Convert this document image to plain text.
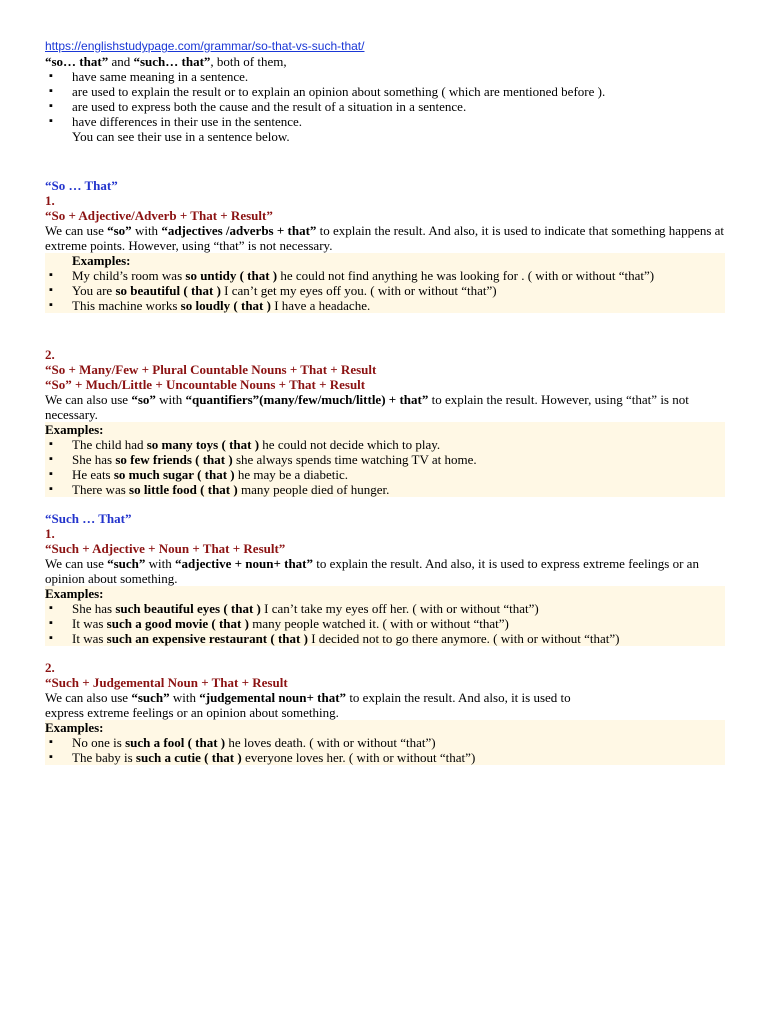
https://englishstudypage.com/grammar/so-that-vs-such-that/
“so… that” and “such… that”, both of them,
▪ have same meaning in a sentence.
▪ are used to explain the result or to explain an opinion about something ( which are mentioned before ).
▪ are used to express both the cause and the result of a situation in a sentence.
▪ have differences in their use in the sentence.
You can see their use in a sentence below.
“So … That”
1.
“So + Adjective/Adverb + That + Result”
We can use “so” with “adjectives /adverbs + that” to explain the result. And also, it is used to indicate that something happens at extreme points. However, using “that” is not necessary.
Examples:
▪ My child’s room was so untidy ( that ) he could not find anything he was looking for . ( with or without “that”)
▪ You are so beautiful ( that ) I can’t get my eyes off you. ( with or without “that”)
▪ This machine works so loudly ( that ) I have a headache.
2.
“So + Many/Few + Plural Countable Nouns + That + Result
“So” + Much/Little + Uncountable Nouns + That + Result
We can also use “so” with “quantifiers”(many/few/much/little) + that” to explain the result. However, using “that” is not necessary.
Examples:
▪ The child had so many toys ( that ) he could not decide which to play.
▪ She has so few friends ( that ) she always spends time watching TV at home.
▪ He eats so much sugar ( that ) he may be a diabetic.
▪ There was so little food ( that ) many people died of hunger.
“Such … That”
1.
“Such + Adjective + Noun + That + Result”
We can use “such” with “adjective + noun+ that” to explain the result. And also, it is used to express extreme feelings or an opinion about something.
Examples:
▪ She has such beautiful eyes ( that ) I can’t take my eyes off her. ( with or without “that”)
▪ It was such a good movie ( that ) many people watched it. ( with or without “that”)
▪ It was such an expensive restaurant ( that ) I decided not to go there anymore. ( with or without “that”)
2.
“Such + Judgemental Noun + That + Result
We can also use “such” with “judgemental noun+ that” to explain the result. And also, it is used to
express extreme feelings or an opinion about something.
Examples:
▪ No one is such a fool ( that ) he loves death. ( with or without “that”)
▪ The baby is such a cutie ( that ) everyone loves her. ( with or without “that”)
